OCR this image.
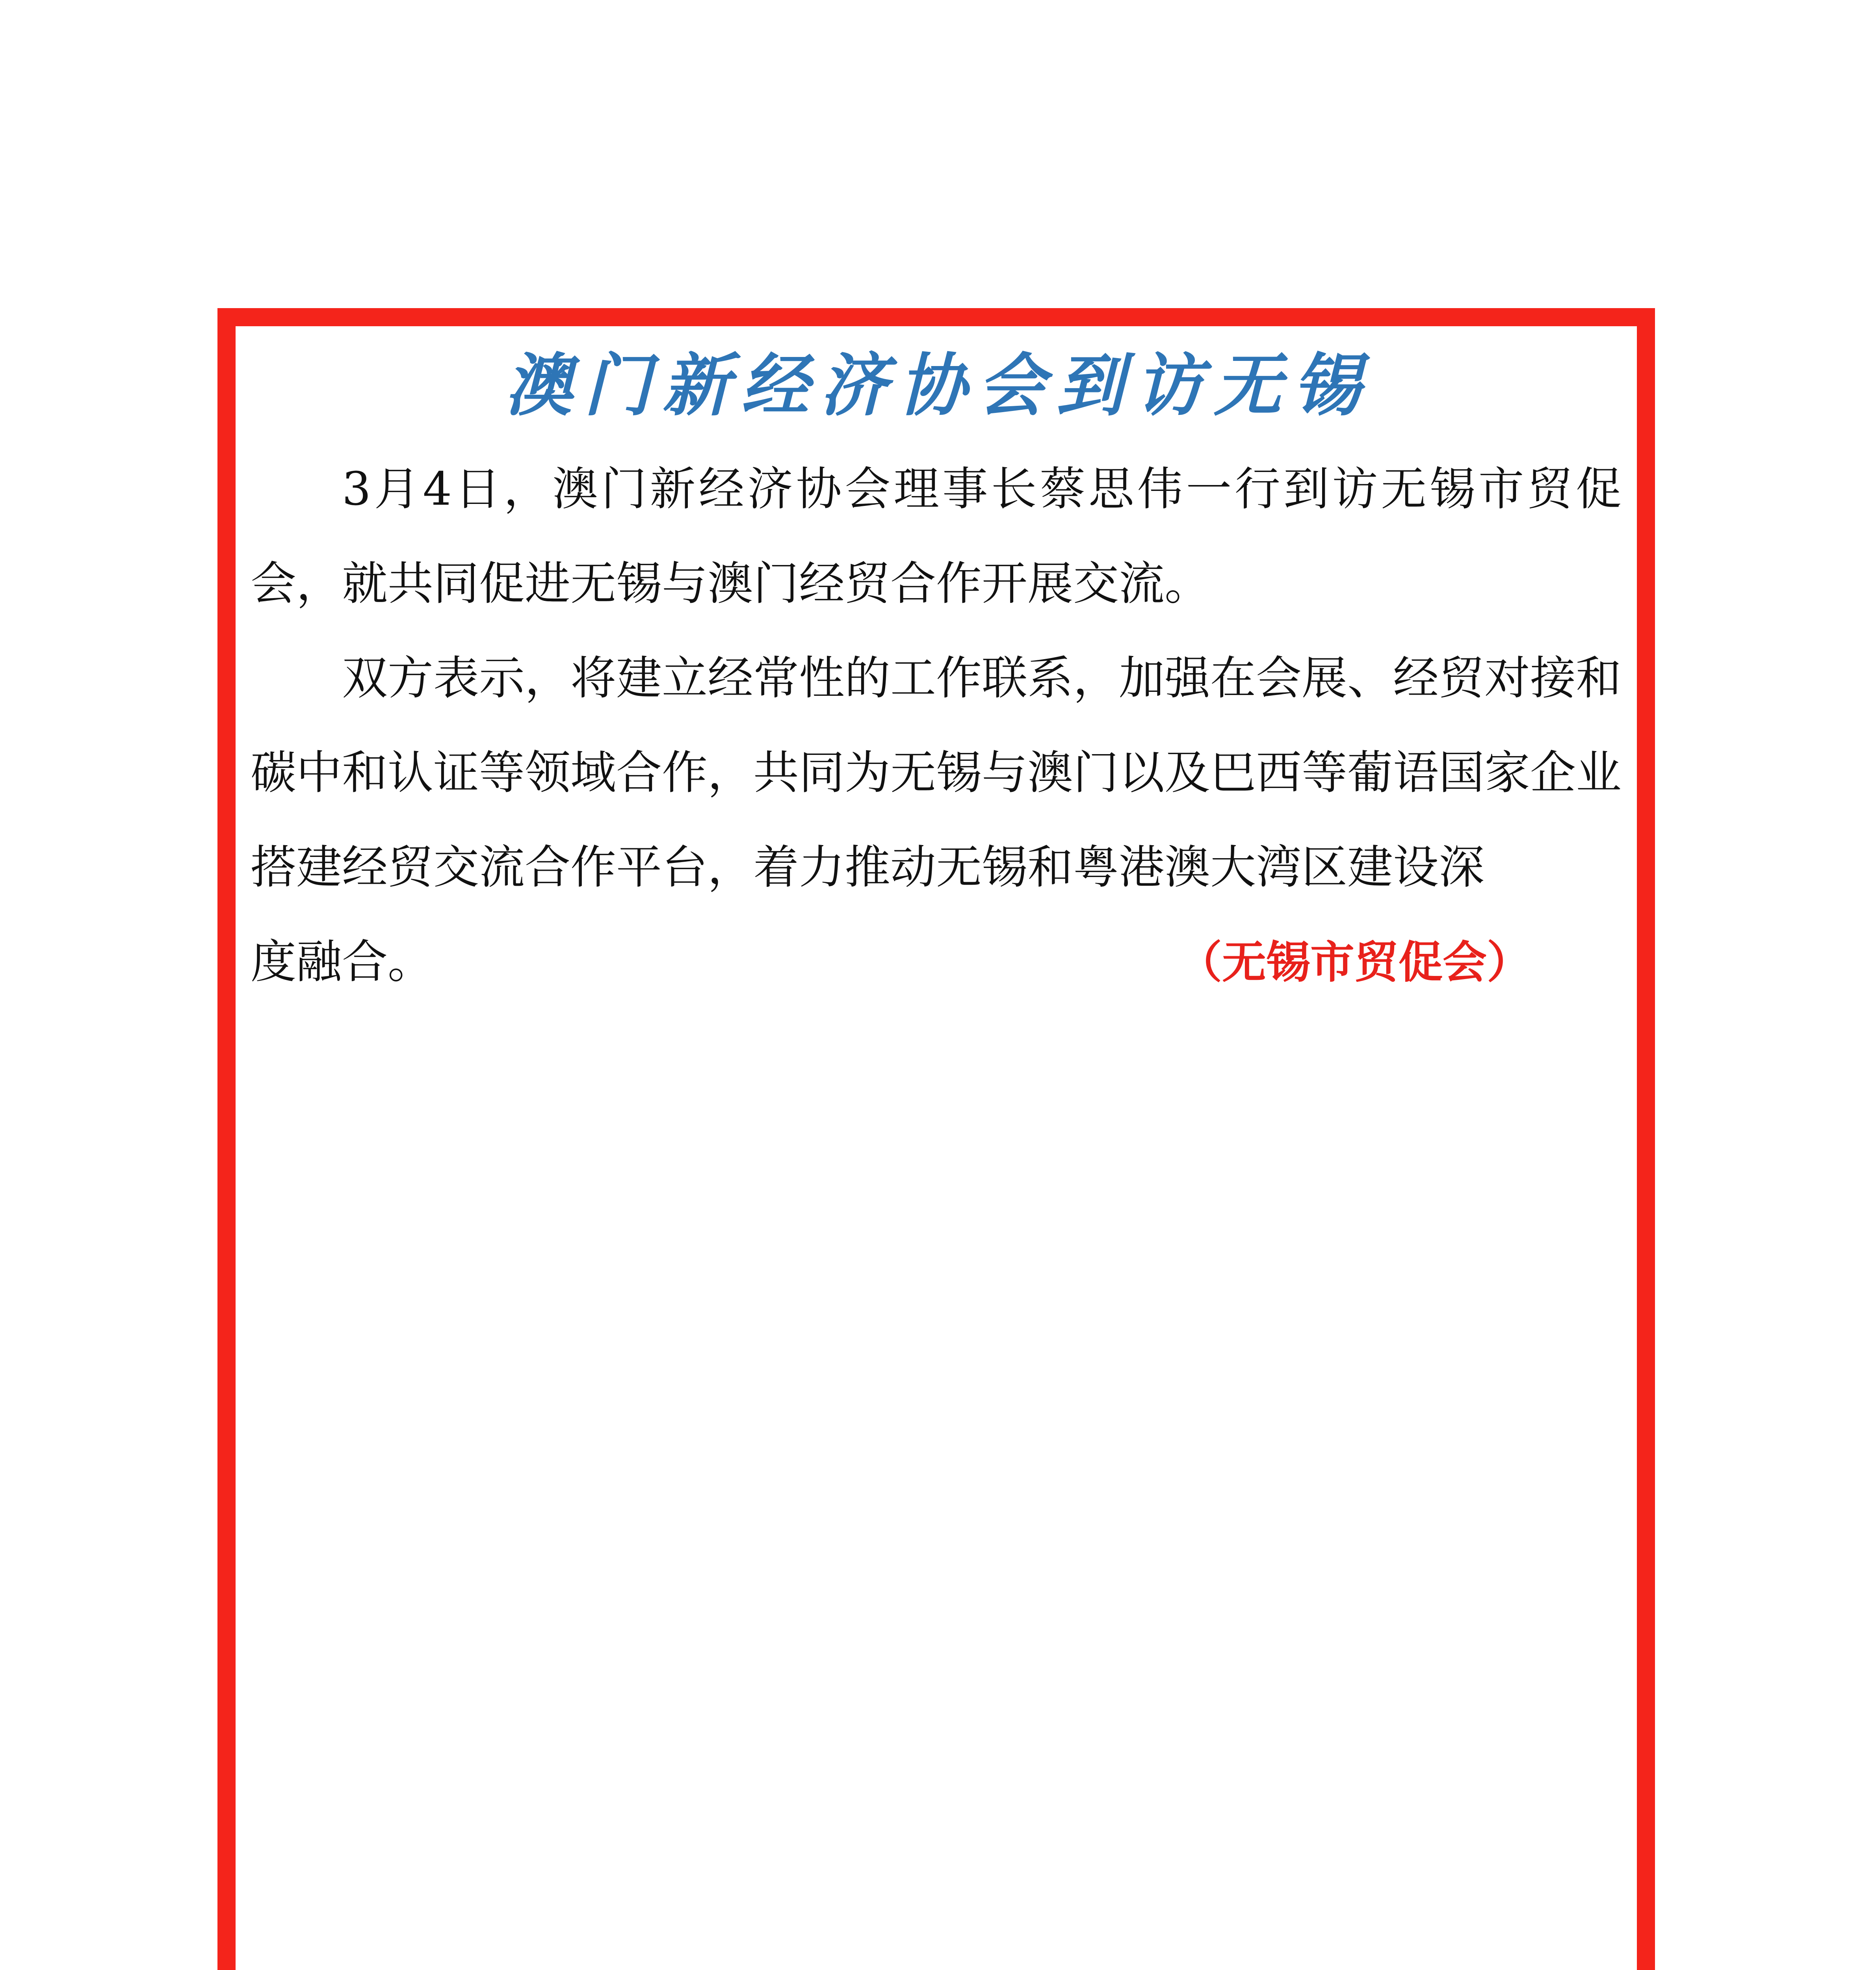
澳门新经济协会到访无锡

3月4日，澳门新经济协会理事长蔡思伟一行到访无锡市贸促会，就共同促进无锡与澳门经贸合作开展交流。

双方表示，将建立经常性的工作联系，加强在会展、经贸对接和碳中和认证等领域合作，共同为无锡与澳门以及巴西等葡语国家企业搭建经贸交流合作平台，着力推动无锡和粤港澳大湾区建设深

度融合。	（无锡市贸促会）
